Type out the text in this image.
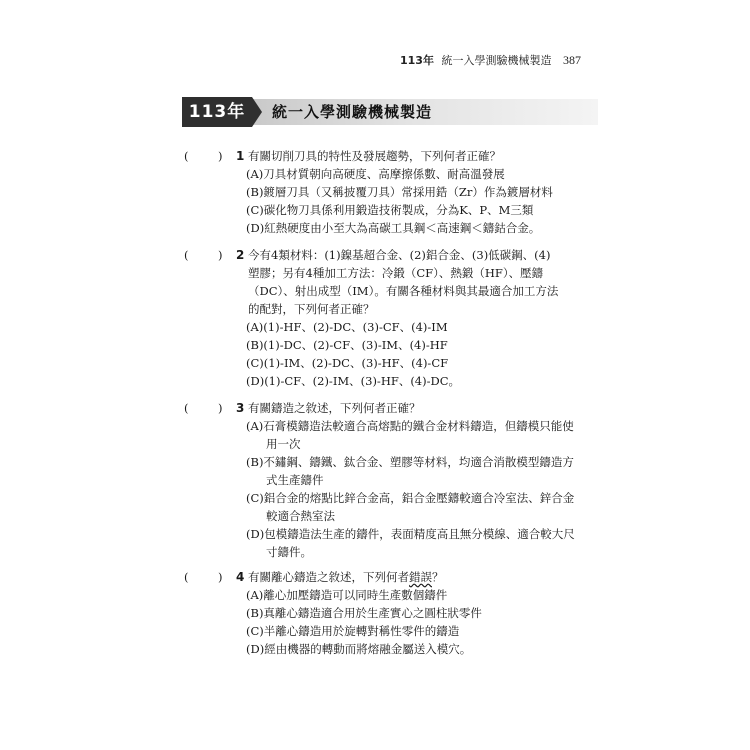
113年 統一入學測驗機械製造 387
113年	統一入學測驗機械製造
(	) 1 有關切削刀具的特性及發展趨勢，下列何者正確？
(A)刀具材質朝向高硬度、高摩擦係數、耐高溫發展
(B)鍍層刀具（又稱披覆刀具）常採用鋯（Zr）作為鍍層材料
(C)碳化物刀具係利用鍛造技術製成，分為K、P、M三類
(D)紅熱硬度由小至大為高碳工具鋼＜高速鋼＜鑄鈷合金。
(	) 2 今有4類材料：(1)鎳基超合金、(2)鋁合金、(3)低碳鋼、(4)
塑膠；另有4種加工方法：冷鍛（CF）、熱鍛（HF）、壓鑄
（DC）、射出成型（IM）。有關各種材料與其最適合加工方法
的配對，下列何者正確？
(A)(1)-HF、(2)-DC、(3)-CF、(4)-IM
(B)(1)-DC、(2)-CF、(3)-IM、(4)-HF
(C)(1)-IM、(2)-DC、(3)-HF、(4)-CF
(D)(1)-CF、(2)-IM、(3)-HF、(4)-DC。
(	) 3 有關鑄造之敘述，下列何者正確？
(A)石膏模鑄造法較適合高熔點的鐵合金材料鑄造，但鑄模只能使
用一次
(B)不鏽鋼、鑄鐵、鈦合金、塑膠等材料，均適合消散模型鑄造方
式生產鑄件
(C)鋁合金的熔點比鋅合金高，鋁合金壓鑄較適合冷室法、鋅合金
較適合熱室法
(D)包模鑄造法生產的鑄件，表面精度高且無分模線、適合較大尺
寸鑄件。
(	) 4 有關離心鑄造之敘述，下列何者錯誤？
(A)離心加壓鑄造可以同時生產數個鑄件
(B)真離心鑄造適合用於生產實心之圓柱狀零件
(C)半離心鑄造用於旋轉對稱性零件的鑄造
(D)經由機器的轉動而將熔融金屬送入模穴。
